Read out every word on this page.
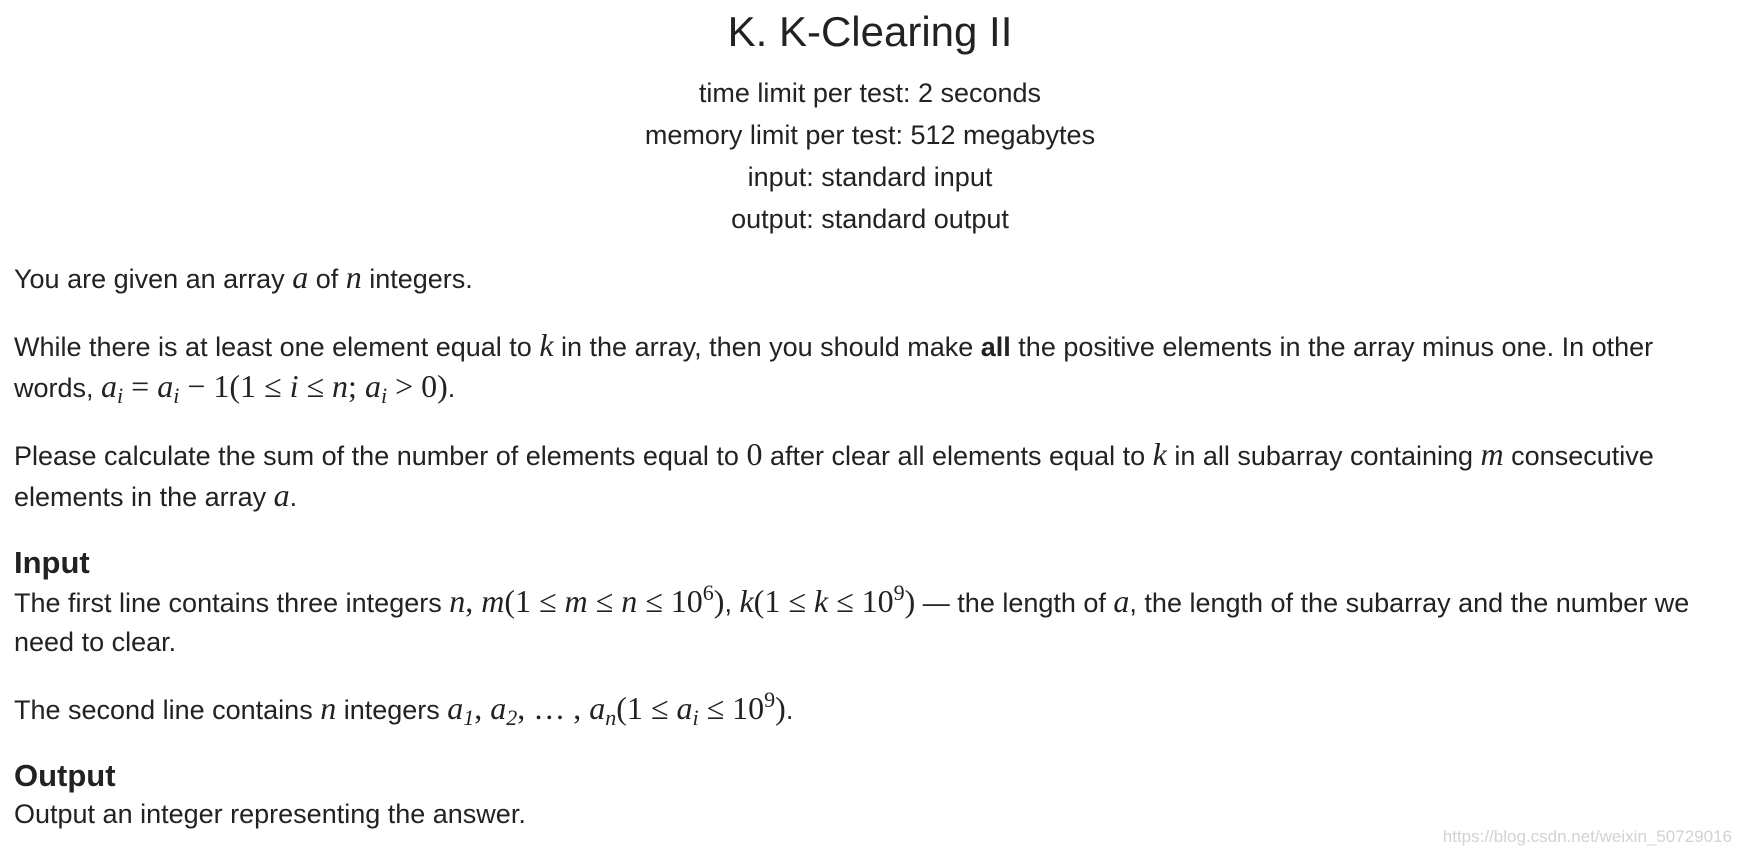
K. K-Clearing II
time limit per test: 2 seconds
memory limit per test: 512 megabytes
input: standard input
output: standard output

You are given an array a of n integers.

While there is at least one element equal to k in the array, then you should make all the positive elements in the array minus one. In other words, $a_i = a_i - 1(1 \le i \le n$; $a_i > 0$).

Please calculate the sum of the number of elements equal to 0 after clear all elements equal to k in all subarray containing m consecutive elements in the array a.

Input

The first line contains three integers n, $m(1 \le m \le n \le 10^6)$, $k(1 \le k \le 10^9)$ — the length of a, the length of the subarray and the number we need to clear.

The second line contains n integers $a_1$, $a_2$, … , $a_n(1 \le a_i \le 10^9)$.

Output

Output an integer representing the answer.

https://blog.csdn.net/weixin_50729016
